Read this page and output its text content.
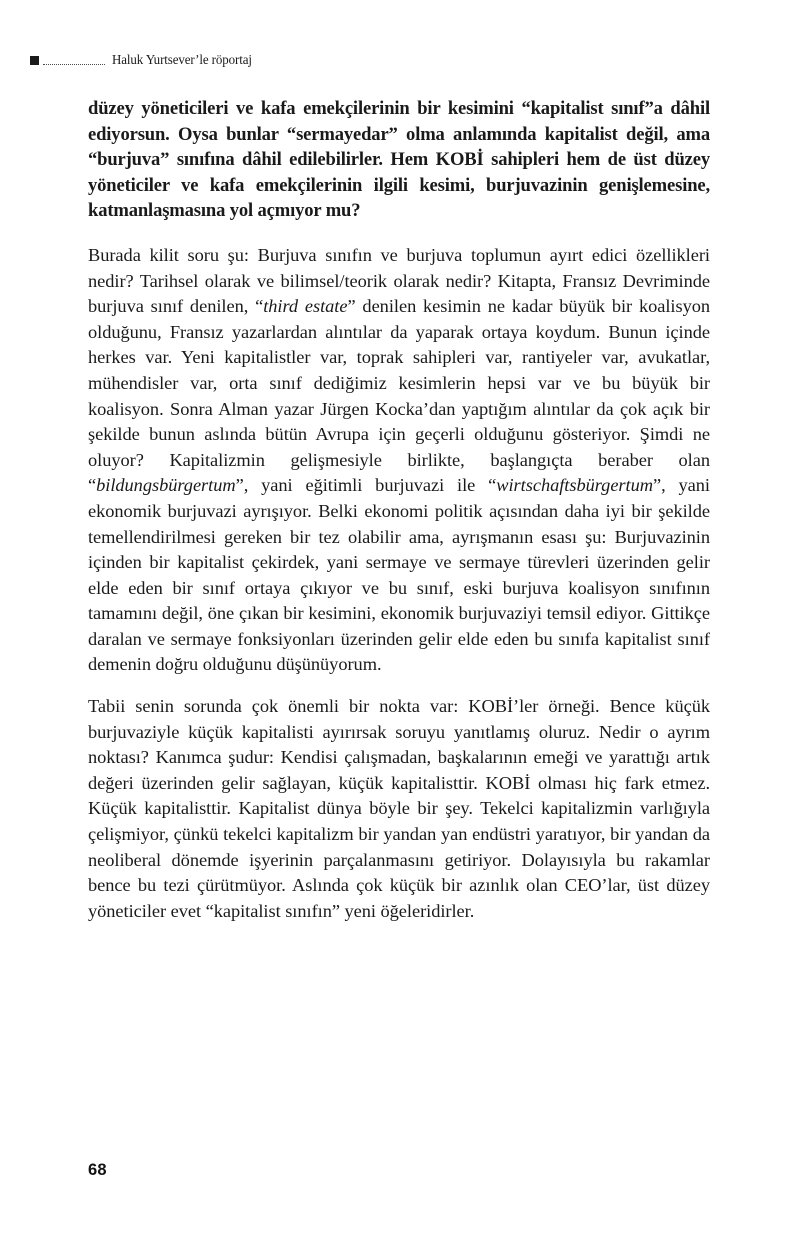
Haluk Yurtsever’le röportaj

düzey yöneticileri ve kafa emekçilerinin bir kesimini “kapitalist sınıf”a dâhil ediyorsun. Oysa bunlar “sermayedar” olma anlamında kapitalist değil, ama “burjuva” sınıfına dâhil edilebilirler. Hem KOBİ sahipleri hem de üst düzey yöneticiler ve kafa emekçilerinin ilgili kesimi, burjuvazinin genişlemesine, katmanlaşmasına yol açmıyor mu?

Burada kilit soru şu: Burjuva sınıfın ve burjuva toplumun ayırt edici özellikleri nedir? Tarihsel olarak ve bilimsel/teorik olarak nedir? Kitapta, Fransız Devriminde burjuva sınıf denilen, “third estate” denilen kesimin ne kadar büyük bir koalisyon olduğunu, Fransız yazarlardan alıntılar da yaparak ortaya koydum. Bunun içinde herkes var. Yeni kapitalistler var, toprak sahipleri var, rantiyeler var, avukatlar, mühendisler var, orta sınıf dediğimiz kesimlerin hepsi var ve bu büyük bir koalisyon. Sonra Alman yazar Jürgen Kocka’dan yaptığım alıntılar da çok açık bir şekilde bunun aslında bütün Avrupa için geçerli olduğunu gösteriyor. Şimdi ne oluyor? Kapitalizmin gelişmesiyle birlikte, başlangıçta beraber olan “bildungsbürgertum”, yani eğitimli burjuvazi ile “wirtschaftsbürgertum”, yani ekonomik burjuvazi ayrışıyor. Belki ekonomi politik açısından daha iyi bir şekilde temellendirilmesi gereken bir tez olabilir ama, ayrışmanın esası şu: Burjuvazinin içinden bir kapitalist çekirdek, yani sermaye ve sermaye türevleri üzerinden gelir elde eden bir sınıf ortaya çıkıyor ve bu sınıf, eski burjuva koalisyon sınıfının tamamını değil, öne çıkan bir kesimini, ekonomik burjuvaziyi temsil ediyor. Gittikçe daralan ve sermaye fonksiyonları üzerinden gelir elde eden bu sınıfa kapitalist sınıf demenin doğru olduğunu düşünüyorum.

Tabii senin sorunda çok önemli bir nokta var: KOBİ’ler örneği. Bence küçük burjuvaziyle küçük kapitalisti ayırırsak soruyu yanıtlamış oluruz. Nedir o ayrım noktası? Kanımca şudur: Kendisi çalışmadan, başkalarının emeği ve yarattığı artık değeri üzerinden gelir sağlayan, küçük kapitalisttir. KOBİ olması hiç fark etmez. Küçük kapitalisttir. Kapitalist dünya böyle bir şey. Tekelci kapitalizmin varlığıyla çelişmiyor, çünkü tekelci kapitalizm bir yandan yan endüstri yaratıyor, bir yandan da neoliberal dönemde işyerinin parçalanmasını getiriyor. Dolayısıyla bu rakamlar bence bu tezi çürütmüyor. Aslında çok küçük bir azınlık olan CEO’lar, üst düzey yöneticiler evet “kapitalist sınıfın” yeni öğeleridirler.

68
